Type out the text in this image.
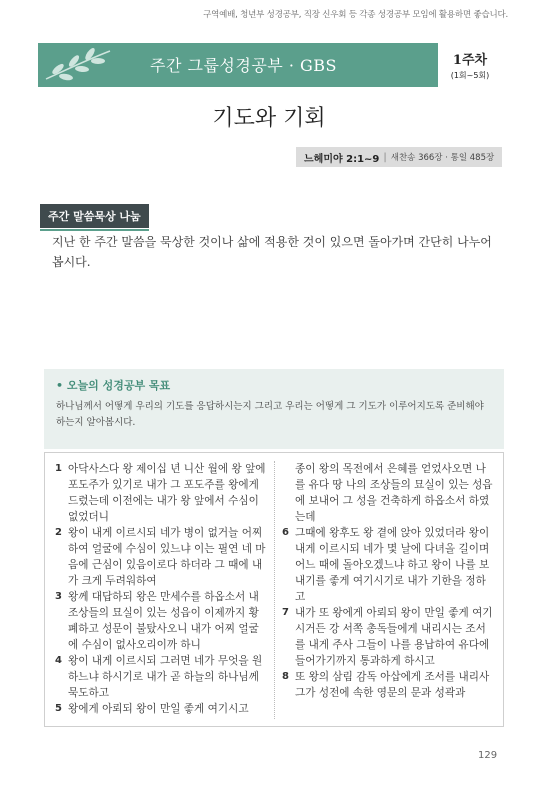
구역예배, 청년부 성경공부, 직장 신우회 등 각종 성경공부 모임에 활용하면 좋습니다.
주간 그룹성경공부 · GBS	1주차
(1회~5회)
기도와 기회
느헤미야 2:1~9 | 새찬송 366장 · 통일 485장
주간 말씀묵상 나눔
지난 한 주간 말씀을 묵상한 것이나 삶에 적용한 것이 있으면 돌아가며 간단히 나누어 봅시다.
• 오늘의 성경공부 목표
하나님께서 어떻게 우리의 기도를 응답하시는지 그리고 우리는 어떻게 그 기도가 이루어지도록 준비해야 하는지 알아봅시다.
1 아닥사스다 왕 제이십 년 니산 월에 왕 앞에 포도주가 있기로 내가 그 포도주를 왕에게 드렸는데 이전에는 내가 왕 앞에서 수심이 없었더니
2 왕이 내게 이르시되 네가 병이 없거늘 어찌하여 얼굴에 수심이 있느냐 이는 필연 네 마음에 근심이 있음이로다 하더라 그 때에 내가 크게 두려워하여
3 왕께 대답하되 왕은 만세수를 하옵소서 내 조상들의 묘실이 있는 성읍이 이제까지 황폐하고 성문이 불탔사오니 내가 어찌 얼굴에 수심이 없사오리이까 하니
4 왕이 내게 이르시되 그러면 네가 무엇을 원하느냐 하시기로 내가 곧 하늘의 하나님께 묵도하고
5 왕에게 아뢰되 왕이 만일 좋게 여기시고
종이 왕의 목전에서 은혜를 얻었사오면 나를 유다 땅 나의 조상들의 묘실이 있는 성읍에 보내어 그 성을 건축하게 하옵소서 하였는데
6 그때에 왕후도 왕 곁에 앉아 있었더라 왕이 내게 이르시되 네가 몇 날에 다녀올 길이며 어느 때에 돌아오겠느냐 하고 왕이 나를 보내기를 좋게 여기시기로 내가 기한을 정하고
7 내가 또 왕에게 아뢰되 왕이 만일 좋게 여기시거든 강 서쪽 총독들에게 내리시는 조서를 내게 주사 그들이 나를 용납하여 유다에 들어가기까지 통과하게 하시고
8 또 왕의 삼림 감독 아삽에게 조서를 내리사 그가 성전에 속한 영문의 문과 성곽과
129
